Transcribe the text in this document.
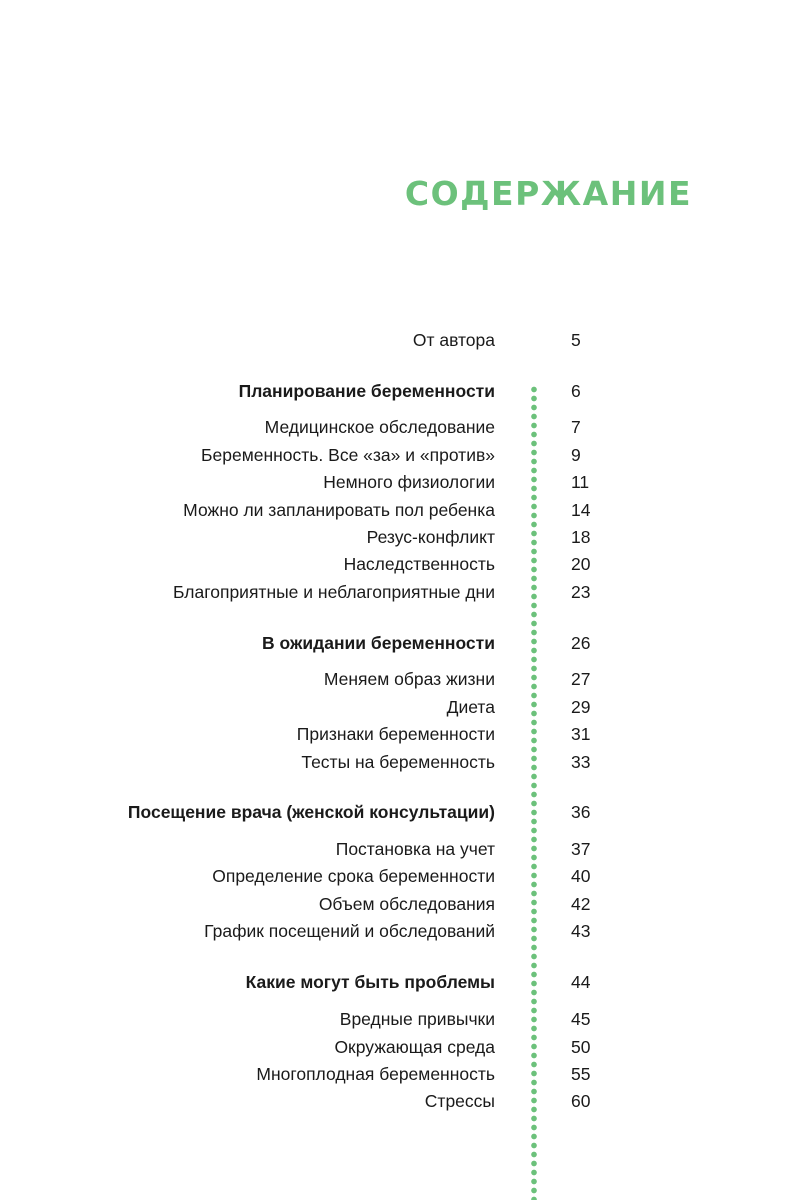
СОДЕРЖАНИЕ
От автора	5
Планирование беременности	6
Медицинское обследование	7
Беременность. Все «за» и «против»	9
Немного физиологии	11
Можно ли запланировать пол ребенка	14
Резус-конфликт	18
Наследственность	20
Благоприятные и неблагоприятные дни	23
В ожидании беременности	26
Меняем образ жизни	27
Диета	29
Признаки беременности	31
Тесты на беременность	33
Посещение врача (женской консультации)	36
Постановка на учет	37
Определение срока беременности	40
Объем обследования	42
График посещений и обследований	43
Какие могут быть проблемы	44
Вредные привычки	45
Окружающая среда	50
Многоплодная беременность	55
Стрессы	60
